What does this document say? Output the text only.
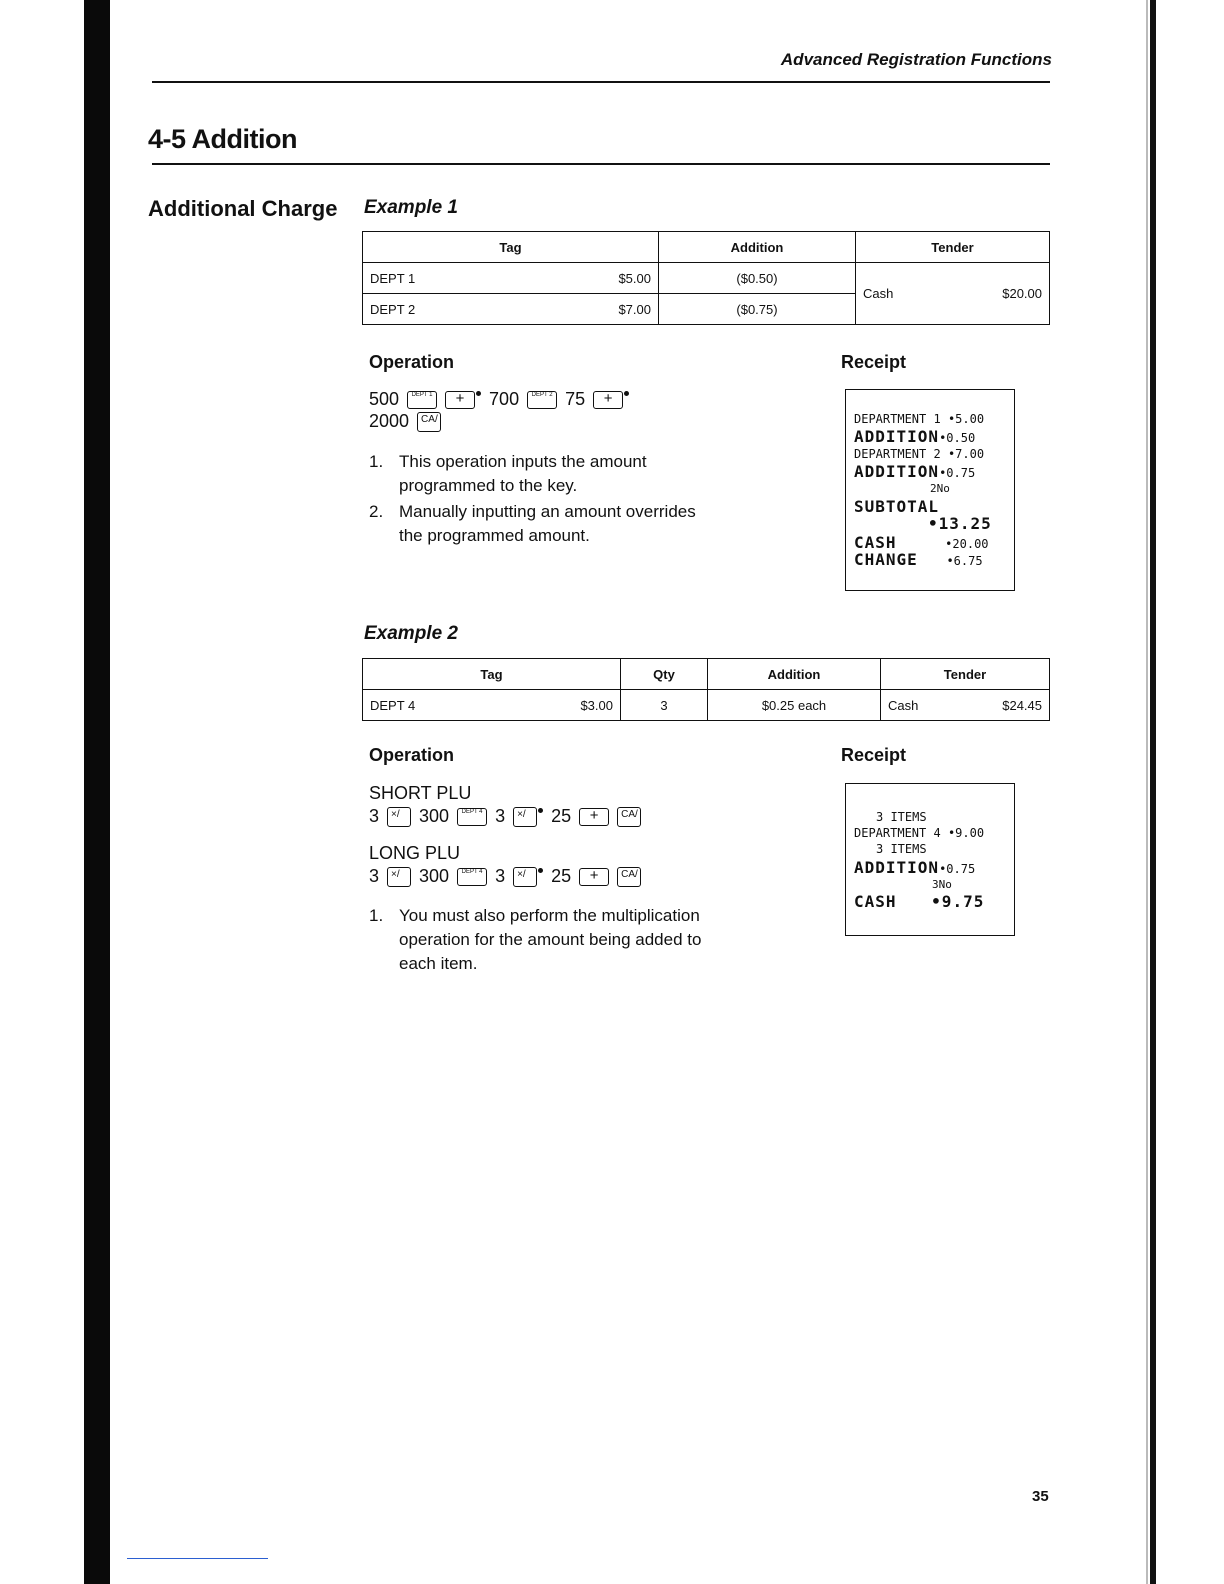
Advanced Registration Functions
4-5 Addition
Additional Charge Example 1
Tag	Addition	Tender
DEPT 1 $5.00	($0.50)	Cash $20.00

DEPT 2 $7.00	($0.75)	
Operation	Receipt
500	DEPT 1	+	700	DEPT 2 75	+
2000 CA/
1. This operation inputs the amount programmed to the key.
2. Manually inputting an amount overrides the programmed amount.
DEPARTMENT 1 •5.00
ADDITION•0.50
DEPARTMENT 2 •7.00
ADDITION•0.75
2No
SUBTOTAL
•13.25
CASH	•20.00
CHANGE •6.75
Example 2
Tag	Qty	Addition	Tender
DEPT 4 $3.00	3	$0.25 each	Cash $24.45
Operation	Receipt
SHORT PLU
3 ×/	300	DEPT 4 3 ×/	25	+	CA/
LONG PLU
3 ×/	300	DEPT 4 3 ×/	25	+	CA/
1. You must also perform the multiplication operation for the amount being added to each item.
3 ITEMS
DEPARTMENT 4 •9.00
3 ITEMS
ADDITION•0.75
3No
CASH •9.75
35
